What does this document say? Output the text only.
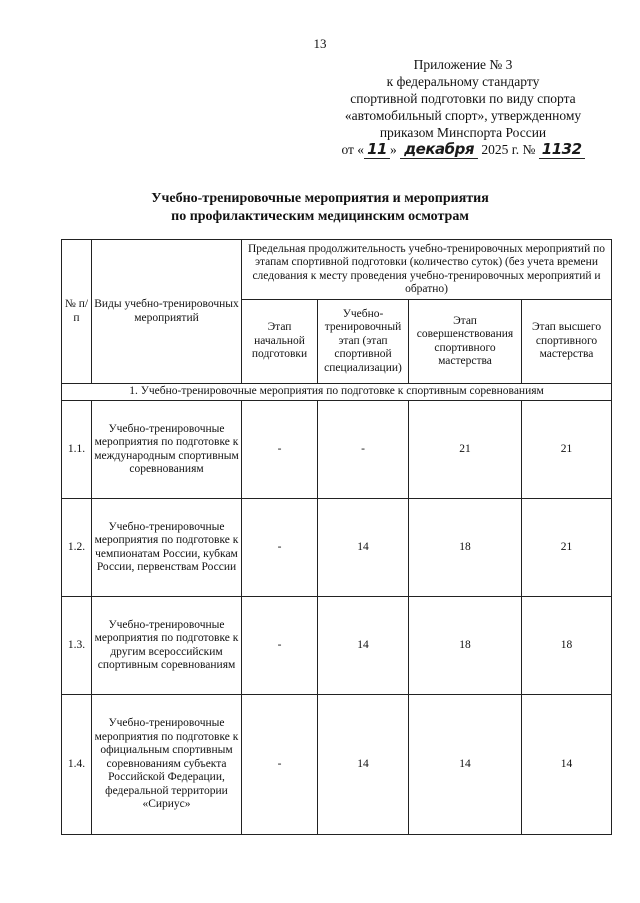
13
Приложение № 3
к федеральному стандарту
спортивной подготовки по виду спорта
«автомобильный спорт», утвержденному
приказом Минспорта России
от « 11 » декабря 2025 г. № 1132
Учебно-тренировочные мероприятия и мероприятия
по профилактическим медицинским осмотрам
№ п/п	Виды учебно-тренировочных мероприятий	Предельная продолжительность учебно-тренировочных мероприятий по этапам спортивной подготовки (количество суток) (без учета времени следования к месту проведения учебно-тренировочных мероприятий и обратно)			
		Этап начальной подготовки	Учебно-тренировочный этап (этап спортивной специализации)	Этап совершенствования спортивного мастерства	Этап высшего спортивного мастерства
1. Учебно-тренировочные мероприятия по подготовке к спортивным соревнованиям					
1.1.	Учебно-тренировочные мероприятия по подготовке к международным спортивным соревнованиям	-	-	21	21
1.2.	Учебно-тренировочные мероприятия по подготовке к чемпионатам России, кубкам России, первенствам России	-	14	18	21
1.3.	Учебно-тренировочные мероприятия по подготовке к другим всероссийским спортивным соревнованиям	-	14	18	18
1.4.	Учебно-тренировочные мероприятия по подготовке к официальным спортивным соревнованиям субъекта Российской Федерации, федеральной территории «Сириус»	-	14	14	14
